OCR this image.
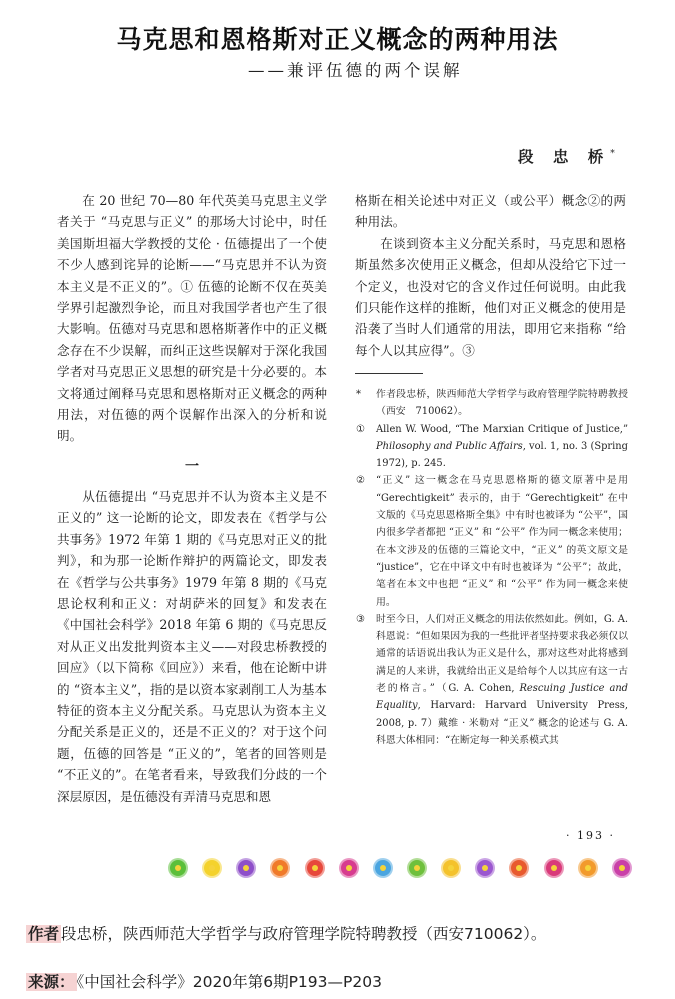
马克思和恩格斯对正义概念的两种用法
——兼评伍德的两个误解
段 忠 桥*

在 20 世纪 70—80 年代英美马克思主义学者关于 “马克思与正义” 的那场大讨论中，时任美国斯坦福大学教授的艾伦 · 伍德提出了一个使不少人感到诧异的论断——“马克思并不认为资本主义是不正义的”。① 伍德的论断不仅在英美学界引起激烈争论，而且对我国学者也产生了很大影响。伍德对马克思和恩格斯著作中的正义概念存在不少误解，而纠正这些误解对于深化我国学者对马克思正义思想的研究是十分必要的。本文将通过阐释马克思和恩格斯对正义概念的两种用法，对伍德的两个误解作出深入的分析和说明。

一

从伍德提出 “马克思并不认为资本主义是不正义的” 这一论断的论文，即发表在《哲学与公共事务》1972 年第 1 期的《马克思对正义的批判》，和为那一论断作辩护的两篇论文，即发表在《哲学与公共事务》1979 年第 8 期的《马克思论权利和正义：对胡萨米的回复》和发表在《中国社会科学》2018 年第 6 期的《马克思反对从正义出发批判资本主义——对段忠桥教授的回应》（以下简称《回应》）来看，他在论断中讲的 “资本主义”，指的是以资本家剥削工人为基本特征的资本主义分配关系。马克思认为资本主义分配关系是正义的，还是不正义的？对于这个问题，伍德的回答是 “正义的”，笔者的回答则是 “不正义的”。在笔者看来，导致我们分歧的一个深层原因，是伍德没有弄清马克思和恩

格斯在相关论述中对正义（或公平）概念②的两种用法。

在谈到资本主义分配关系时，马克思和恩格斯虽然多次使用正义概念，但却从没给它下过一个定义，也没对它的含义作过任何说明。由此我们只能作这样的推断，他们对正义概念的使用是沿袭了当时人们通常的用法，即用它来指称 “给每个人以其应得”。③

*	作者段忠桥，陕西师范大学哲学与政府管理学院特聘教授（西安　710062）。
①	Allen W. Wood, “The Marxian Critique of Justice,” Philosophy and Public Affairs, vol. 1, no. 3 (Spring 1972), p. 245.
②	“正义” 这一概念在马克思恩格斯的德文原著中是用 “Gerechtigkeit” 表示的，由于 “Gerechtigkeit” 在中文版的《马克思恩格斯全集》中有时也被译为 “公平”，国内很多学者都把 “正义” 和 “公平” 作为同一概念来使用；在本文涉及的伍德的三篇论文中，“正义” 的英文原文是 “justice”，它在中译文中有时也被译为 “公平”；故此，笔者在本文中也把 “正义” 和 “公平” 作为同一概念来使用。
③	时至今日，人们对正义概念的用法依然如此。例如，G. A. 科恩说：“但如果因为我的一些批评者坚持要求我必须仅以通常的话语说出我认为正义是什么，那对这些对此将感到满足的人来讲，我就给出正义是给每个人以其应有这一古老的格言。”（G. A. Cohen, Rescuing Justice and Equality, Harvard: Harvard University Press, 2008, p. 7）戴维 · 米勒对 “正义” 概念的论述与 G. A. 科恩大体相同：“在断定每一种关系模式其
· 193 ·
作者 段忠桥，陕西师范大学哲学与政府管理学院特聘教授（西安710062）。
来源： 《中国社会科学》2020年第6期P193—P203
